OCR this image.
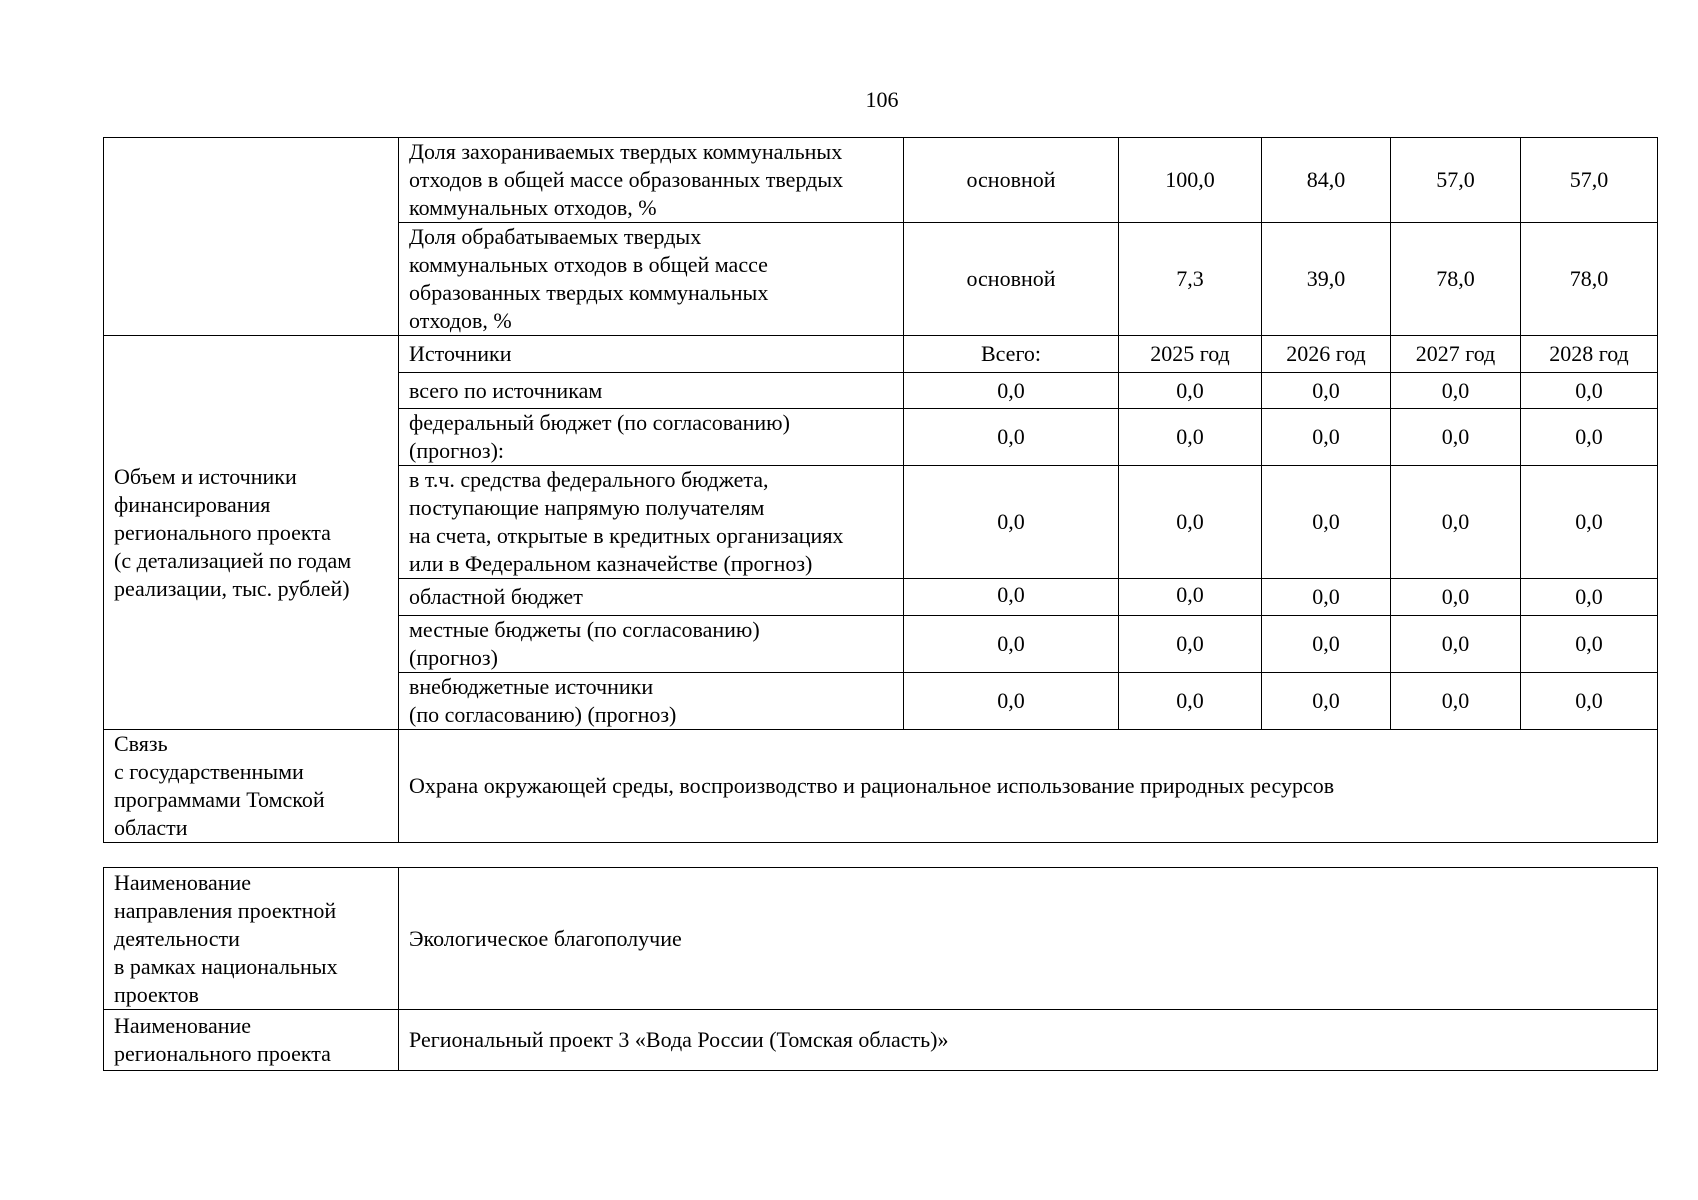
106

	Доля захораниваемых твердых коммунальных
отходов в общей массе образованных твердых
коммунальных отходов, %	основной	100,0	84,0	57,0	57,0

	Доля обрабатываемых твердых
коммунальных отходов в общей массе
образованных твердых коммунальных
отходов, %	основной	7,3	39,0	78,0	78,0

Объем и источники
финансирования
регионального проекта
(с детализацией по годам
реализации, тыс. рублей)	Источники	Всего:	2025 год	2026 год	2027 год	2028 год

	всего по источникам	0,0	0,0	0,0	0,0	0,0

	федеральный бюджет (по согласованию)
(прогноз):	0,0	0,0	0,0	0,0	0,0

	в т.ч. средства федерального бюджета,
поступающие напрямую получателям
на счета, открытые в кредитных организациях
или в Федеральном казначействе (прогноз)	0,0	0,0	0,0	0,0	0,0

	областной бюджет	0,0	0,0	0,0	0,0	0,0

	местные бюджеты (по согласованию)
(прогноз)	0,0	0,0	0,0	0,0	0,0

	внебюджетные источники
(по согласованию) (прогноз)	0,0	0,0	0,0	0,0	0,0

Связь
с государственными
программами Томской
области	Охрана окружающей среды, воспроизводство и рациональное использование природных ресурсов					
Наименование
направления проектной
деятельности
в рамках национальных
проектов	Экологическое благополучие

Наименование
регионального проекта	Региональный проект 3 «Вода России (Томская область)»
